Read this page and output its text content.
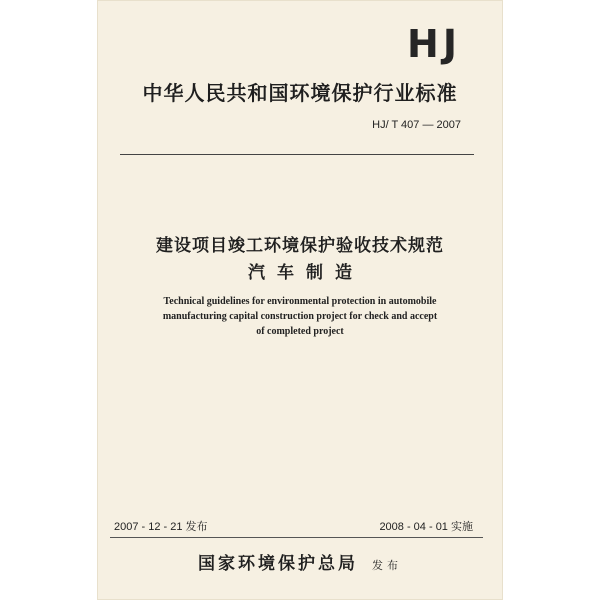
HJ
中华人民共和国环境保护行业标准
HJ/ T 407 — 2007
建设项目竣工环境保护验收技术规范
汽车制造
Technical guidelines for environmental protection in automobile
manufacturing capital construction project for check and accept
of completed project
2007 - 12 - 21 发布	2008 - 04 - 01 实施
国家环境保护总局 发布
